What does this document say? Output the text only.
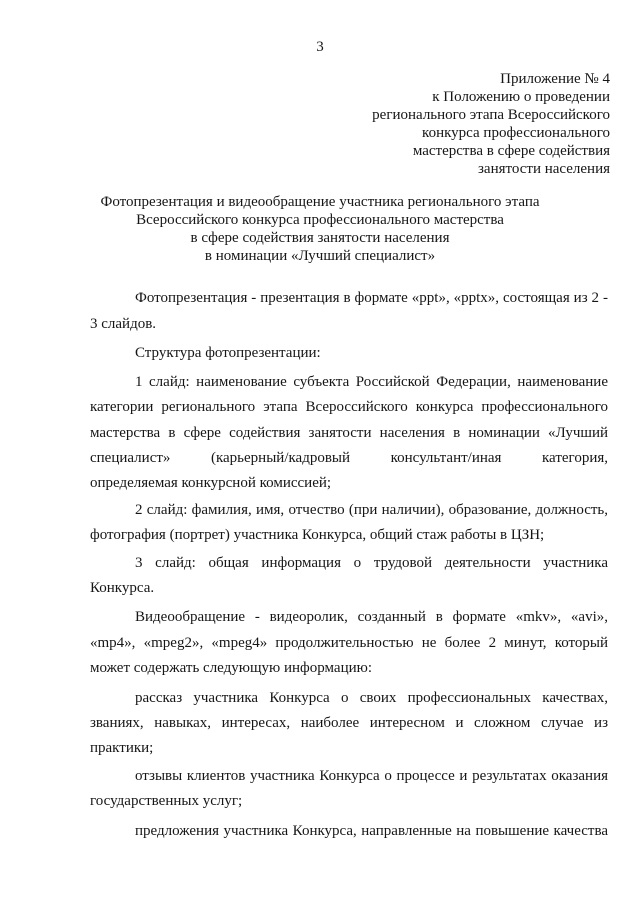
3
Приложение № 4
к Положению о проведении
регионального этапа Всероссийского
конкурса профессионального
мастерства в сфере содействия
занятости населения
Фотопрезентация и видеообращение участника регионального этапа
Всероссийского конкурса профессионального мастерства
в сфере содействия занятости населения
в номинации «Лучший специалист»
Фотопрезентация - презентация в формате «ppt», «pptx», состоящая из 2 -
3 слайдов.
Структура фотопрезентации:
1 слайд: наименование субъекта Российской Федерации, наименование
категории регионального этапа Всероссийского конкурса профессионального
мастерства в сфере содействия занятости населения в номинации «Лучший
специалист» (карьерный/кадровый консультант/иная категория,
определяемая конкурсной комиссией;
2 слайд: фамилия, имя, отчество (при наличии), образование, должность,
фотография (портрет) участника Конкурса, общий стаж работы в ЦЗН;
3 слайд: общая информация о трудовой деятельности участника
Конкурса.
Видеообращение - видеоролик, созданный в формате «mkv», «avi»,
«mp4», «mpeg2», «mpeg4» продолжительностью не более 2 минут, который
может содержать следующую информацию:
рассказ участника Конкурса о своих профессиональных качествах,
званиях, навыках, интересах, наиболее интересном и сложном случае из
практики;
отзывы клиентов участника Конкурса о процессе и результатах оказания
государственных услуг;
предложения участника Конкурса, направленные на повышение качества
